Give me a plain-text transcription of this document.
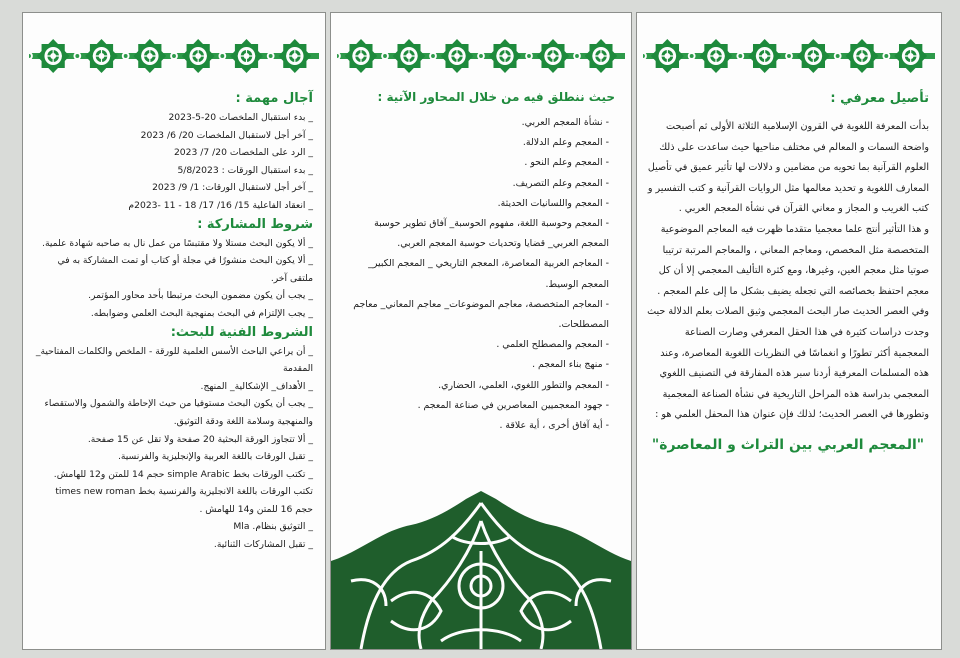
تأصيل معرفي :

بدأت المعرفة اللغوية في القرون الإسلامية الثلاثة الأولى ثم أصبحت واضحة السمات و المعالم في مختلف مناحيها حيث ساعدت على ذلك العلوم القرآنية بما تحويه من مضامين و دلالات لها تأثير عميق في تأصيل المعارف اللغوية و تحديد معالمها مثل الروايات القرآنية و كتب التفسير و كتب الغريب و المجاز و معاني القرآن في نشأة المعجم العربي .

و هذا التأثير أنتج علما معجميا متقدما ظهرت فيه المعاجم الموضوعية المتخصصة مثل المخصص، ومعاجم المعاني ، والمعاجم المرتبة ترتيبا صوتيا مثل معجم العين، وغيرها، ومع كثرة التأليف المعجمي إلا أن كل معجم احتفظ بخصائصه التي تجعله يضيف بشكل ما إلى علم المعجم .

وفي العصر الحديث صار البحث المعجمي وثيق الصلات بعلم الدلالة حيث وجدت دراسات كثيرة في هذا الحقل المعرفي وصارت الصناعة المعجمية أكثر تطورًا و انغماسًا في النظريات اللغوية المعاصرة، وعند هذه المسلمات المعرفية أردنا سبر هذه المفارقة في التصنيف اللغوي المعجمي بدراسة هذه المراحل التاريخية في نشأة الصناعة المعجمية وتطورها في العصر الحديث؛ لذلك فإن عنوان هذا المحفل العلمي هو :

"المعجم العربي بين التراث و المعاصرة"

حيث ننطلق فيه من خلال المحاور الآتية :

- نشأة المعجم العربي.

- المعجم وعلم الدلالة.

- المعجم وعلم النحو .

- المعجم وعلم التصريف.

- المعجم واللسانيات الحديثة.

- المعجم وحوسبة اللغة، مفهوم الحوسبة_ آفاق تطوير حوسبة المعجم العربي_ قضايا وتحديات حوسبة المعجم العربي.

- المعاجم العربية المعاصرة، المعجم التاريخي _ المعجم الكبير_ المعجم الوسيط.

- المعاجم المتخصصة، معاجم الموضوعات_ معاجم المعاني_ معاجم المصطلحات.

- المعجم والمصطلح العلمي .

- منهج بناء المعجم .

- المعجم والتطور اللغوي، العلمي، الحضاري.

- جهود المعجميين المعاصرين في صناعة المعجم .

- أية آفاق أخرى ، أية علاقة .

آجال مهمة :

_ بدء استقبال الملخصات 20-5-2023

_ آخر أجل لاستقبال الملخصات 20/ 6/ 2023

_ الرد على الملخصات 20/ 7/ 2023

_ بدء استقبال الورقات : 5/8/2023

_ آخر أجل لاستقبال الورقات: 1/ 9/ 2023

_ انعقاد الفاعلية 15/ 16/ 17/ 18 - 11 -2023م

شروط المشاركة :

_ ألا يكون البحث مستلا ولا مقتبسًا من عمل نال به صاحبه شهادة علمية.

_ ألا يكون البحث منشورًا في مجلة أو كتاب أو تمت المشاركة به في ملتقى آخر.

_ يجب أن يكون مضمون البحث مرتبطا بأحد محاور المؤتمر.

_ يجب الإلتزام في البحث بمنهجية البحث العلمي وضوابطه.

الشروط الفنية للبحث:

_ أن يراعي الباحث الأسس العلمية للورقة - الملخص والكلمات المفتاحية_ المقدمة

_ الأهداف_ الإشكالية_ المنهج.

_ يجب أن يكون البحث مستوفيا من حيث الإحاطة والشمول والاستقصاء

والمنهجية وسلامة اللغة ودقة التوثيق.

_ ألا تتجاوز الورقة البحثية 20 صفحة ولا تقل عن 15 صفحة.

_ تقبل الورقات باللغة العربية والإنجليزية والفرنسية.

_ تكتب الورقات بخط simple Arabic حجم 14 للمتن و12 للهامش.

تكتب الورقات باللغة الانجليزية والفرنسية بخط times new roman حجم 16 للمتن و14 للهامش .

_ التوثيق بنظام. Mla

_ تقبل المشاركات الثنائية.
